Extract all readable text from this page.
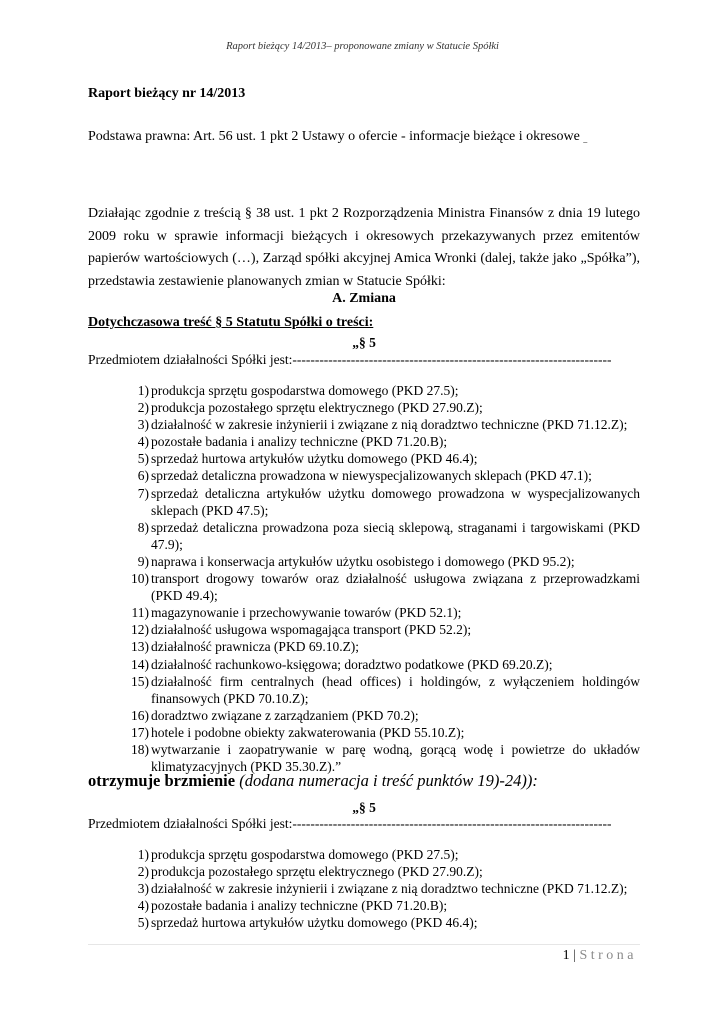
Raport bieżący 14/2013– proponowane zmiany w Statucie Spółki
Raport bieżący nr 14/2013
Podstawa prawna: Art. 56 ust. 1 pkt 2 Ustawy o ofercie - informacje bieżące i okresowe _
Działając zgodnie z treścią § 38 ust. 1 pkt 2 Rozporządzenia Ministra Finansów z dnia 19 lutego 2009 roku w sprawie informacji bieżących i okresowych przekazywanych przez emitentów papierów wartościowych (…), Zarząd spółki akcyjnej Amica Wronki (dalej, także jako „Spółka”), przedstawia zestawienie planowanych zmian w Statucie Spółki:
A. Zmiana
Dotychczasowa treść § 5 Statutu Spółki o treści:
„§ 5
Przedmiotem działalności Spółki jest:-----------------------------------------------------------------------
1) produkcja sprzętu gospodarstwa domowego (PKD 27.5);
2) produkcja pozostałego sprzętu elektrycznego (PKD 27.90.Z);
3) działalność w zakresie inżynierii i związane z nią doradztwo techniczne (PKD 71.12.Z);
4) pozostałe badania i analizy techniczne (PKD 71.20.B);
5) sprzedaż hurtowa artykułów użytku domowego (PKD 46.4);
6) sprzedaż detaliczna prowadzona w niewyspecjalizowanych sklepach (PKD 47.1);
7) sprzedaż detaliczna artykułów użytku domowego prowadzona w wyspecjalizowanych sklepach (PKD 47.5);
8) sprzedaż detaliczna prowadzona poza siecią sklepową, straganami i targowiskami (PKD 47.9);
9) naprawa i konserwacja artykułów użytku osobistego i domowego (PKD 95.2);
10) transport drogowy towarów oraz działalność usługowa związana z przeprowadzkami (PKD 49.4);
11) magazynowanie i przechowywanie towarów (PKD 52.1);
12) działalność usługowa wspomagająca transport (PKD 52.2);
13) działalność prawnicza (PKD 69.10.Z);
14) działalność rachunkowo-księgowa; doradztwo podatkowe (PKD 69.20.Z);
15) działalność firm centralnych (head offices) i holdingów, z wyłączeniem holdingów finansowych (PKD 70.10.Z);
16) doradztwo związane z zarządzaniem (PKD 70.2);
17) hotele i podobne obiekty zakwaterowania (PKD 55.10.Z);
18) wytwarzanie i zaopatrywanie w parę wodną, gorącą wodę i powietrze do układów klimatyzacyjnych (PKD 35.30.Z).”
otrzymuje brzmienie (dodana numeracja i treść punktów 19)-24)):
„§ 5
Przedmiotem działalności Spółki jest:-----------------------------------------------------------------------
1) produkcja sprzętu gospodarstwa domowego (PKD 27.5);
2) produkcja pozostałego sprzętu elektrycznego (PKD 27.90.Z);
3) działalność w zakresie inżynierii i związane z nią doradztwo techniczne (PKD 71.12.Z);
4) pozostałe badania i analizy techniczne (PKD 71.20.B);
5) sprzedaż hurtowa artykułów użytku domowego (PKD 46.4);
1 | Strona
